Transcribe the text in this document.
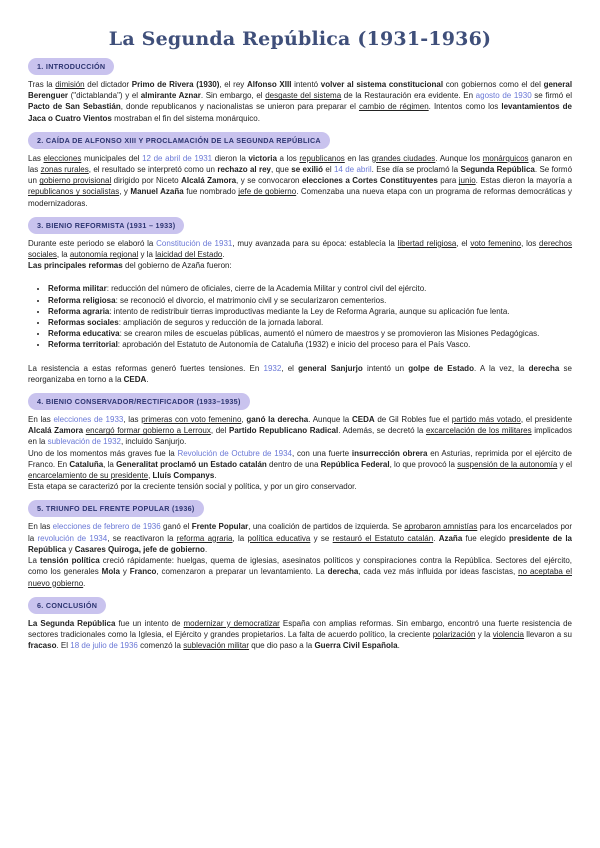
La Segunda República (1931-1936)
1. INTRODUCCIÓN

Tras la dimisión del dictador Primo de Rivera (1930), el rey Alfonso XIII intentó volver al sistema constitucional con gobiernos como el del general Berenguer ("dictablanda") y el almirante Aznar. Sin embargo, el desgaste del sistema de la Restauración era evidente. En agosto de 1930 se firmó el Pacto de San Sebastián, donde republicanos y nacionalistas se unieron para preparar el cambio de régimen. Intentos como los levantamientos de Jaca o Cuatro Vientos mostraban el fin del sistema monárquico.

2. CAÍDA DE ALFONSO XIII Y PROCLAMACIÓN DE LA SEGUNDA REPÚBLICA

Las elecciones municipales del 12 de abril de 1931 dieron la victoria a los republicanos en las grandes ciudades. Aunque los monárquicos ganaron en las zonas rurales, el resultado se interpretó como un rechazo al rey, que se exilió el 14 de abril. Ese día se proclamó la Segunda República. Se formó un gobierno provisional dirigido por Niceto Alcalá Zamora, y se convocaron elecciones a Cortes Constituyentes para junio. Estas dieron la mayoría a republicanos y socialistas, y Manuel Azaña fue nombrado jefe de gobierno. Comenzaba una nueva etapa con un programa de reformas democráticas y modernizadoras.

3. BIENIO REFORMISTA (1931 – 1933)

Durante este periodo se elaboró la Constitución de 1931, muy avanzada para su época: establecía la libertad religiosa, el voto femenino, los derechos sociales, la autonomía regional y la laicidad del Estado.

Las principales reformas del gobierno de Azaña fueron:

• Reforma militar: reducción del número de oficiales, cierre de la Academia Militar y control civil del ejército.
• Reforma religiosa: se reconoció el divorcio, el matrimonio civil y se secularizaron cementerios.
• Reforma agraria: intento de redistribuir tierras improductivas mediante la Ley de Reforma Agraria, aunque su aplicación fue lenta.
• Reformas sociales: ampliación de seguros y reducción de la jornada laboral.
• Reforma educativa: se crearon miles de escuelas públicas, aumentó el número de maestros y se promovieron las Misiones Pedagógicas.
• Reforma territorial: aprobación del Estatuto de Autonomía de Cataluña (1932) e inicio del proceso para el País Vasco.

La resistencia a estas reformas generó fuertes tensiones. En 1932, el general Sanjurjo intentó un golpe de Estado. A la vez, la derecha se reorganizaba en torno a la CEDA.

4. BIENIO CONSERVADOR/RECTIFICADOR (1933–1935)

En las elecciones de 1933, las primeras con voto femenino, ganó la derecha. Aunque la CEDA de Gil Robles fue el partido más votado, el presidente Alcalá Zamora encargó formar gobierno a Lerroux, del Partido Republicano Radical. Además, se decretó la excarcelación de los militares implicados en la sublevación de 1932, incluido Sanjurjo.

Uno de los momentos más graves fue la Revolución de Octubre de 1934, con una fuerte insurrección obrera en Asturias, reprimida por el ejército de Franco. En Cataluña, la Generalitat proclamó un Estado catalán dentro de una República Federal, lo que provocó la suspensión de la autonomía y el encarcelamiento de su presidente, Lluís Companys.

Esta etapa se caracterizó por la creciente tensión social y política, y por un giro conservador.

5. TRIUNFO DEL FRENTE POPULAR (1936)

En las elecciones de febrero de 1936 ganó el Frente Popular, una coalición de partidos de izquierda. Se aprobaron amnistías para los encarcelados por la revolución de 1934, se reactivaron la reforma agraria, la política educativa y se restauró el Estatuto catalán. Azaña fue elegido presidente de la República y Casares Quiroga, jefe de gobierno.

La tensión política creció rápidamente: huelgas, quema de iglesias, asesinatos políticos y conspiraciones contra la República. Sectores del ejército, como los generales Mola y Franco, comenzaron a preparar un levantamiento. La derecha, cada vez más influida por ideas fascistas, no aceptaba el nuevo gobierno.

6. CONCLUSIÓN

La Segunda República fue un intento de modernizar y democratizar España con amplias reformas. Sin embargo, encontró una fuerte resistencia de sectores tradicionales como la Iglesia, el Ejército y grandes propietarios. La falta de acuerdo político, la creciente polarización y la violencia llevaron a su fracaso. El 18 de julio de 1936 comenzó la sublevación militar que dio paso a la Guerra Civil Española.
